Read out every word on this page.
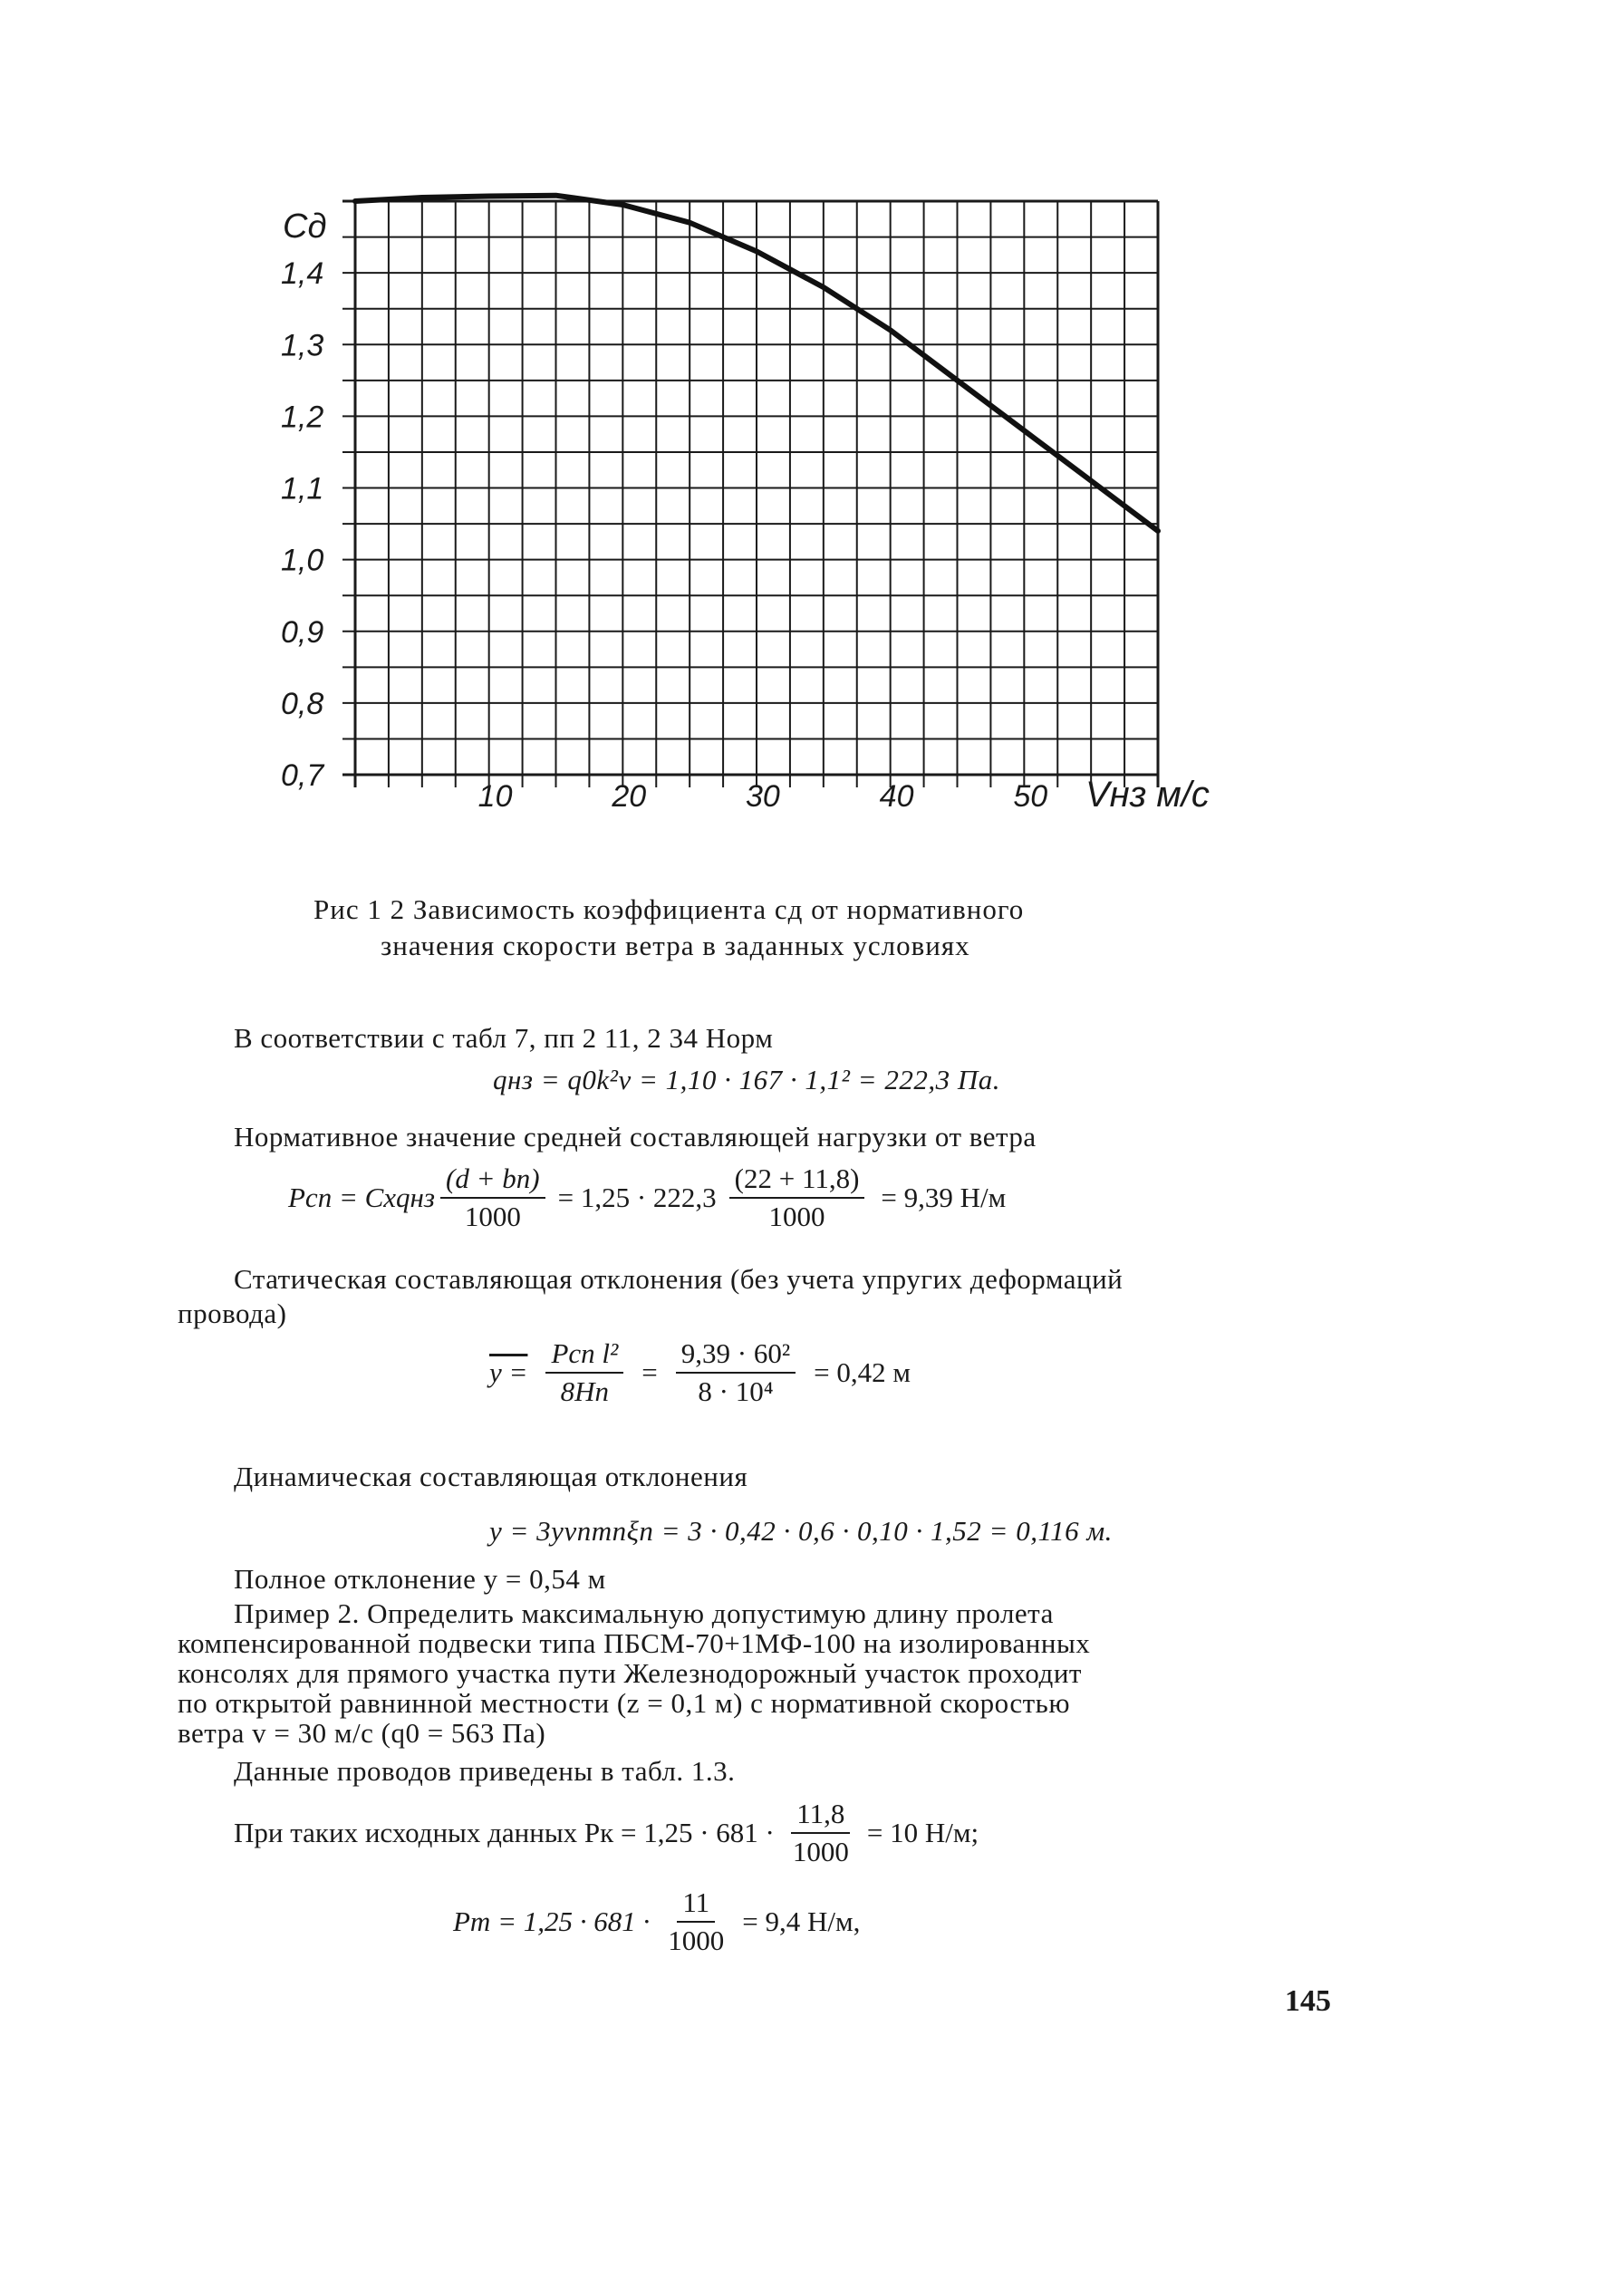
0,7
0,8
0,9
1,0
1,1
1,2
1,3
1,4
10	20	30	40	50
Сд
Vнз м/с
Рис 1 2 Зависимость коэффициента сд от нормативного
значения скорости ветра в заданных условиях
В соответствии с табл 7, пп 2 11, 2 34 Норм
qнз = q0k²v = 1,10 · 167 · 1,1² = 222,3 Па.
Нормативное значение средней составляющей нагрузки от ветра
Рсп = Схqнз $\frac{(d + bп)}{1000} = 1,25 \cdot 222,3 \frac{(22 + 11,8)}{1000} = 9,39$ Н/м
Статическая составляющая отклонения (без учета упругих деформаций
провода)
$y = \frac{\text{Рсп l²}}{8Hп} = \frac{\text{9,39 · 60²}}{\text{8 · 10⁴}} = 0,42$ м
Динамическая составляющая отклонения
y = 3yνпmпξп = 3 · 0,42 · 0,6 · 0,10 · 1,52 = 0,116 м.
Полное отклонение y = 0,54 м
Пример 2. Определить максимальную допустимую длину пролета
компенсированной подвески типа ПБСМ-70+1МФ-100 на изолированных
консолях для прямого участка пути Железнодорожный участок проходит
по открытой равнинной местности (z = 0,1 м) с нормативной скоростью
ветра v = 30 м/с (q0 = 563 Па)
Данные проводов приведены в табл. 1.3.
При таких исходных данных Рк = $1,25 \cdot 681 \cdot \frac{11,8}{1000} = 10$ Н/м;
Рт = $1,25 \cdot 681 \cdot \frac{11}{1000} = 9,4$ Н/м,
145
